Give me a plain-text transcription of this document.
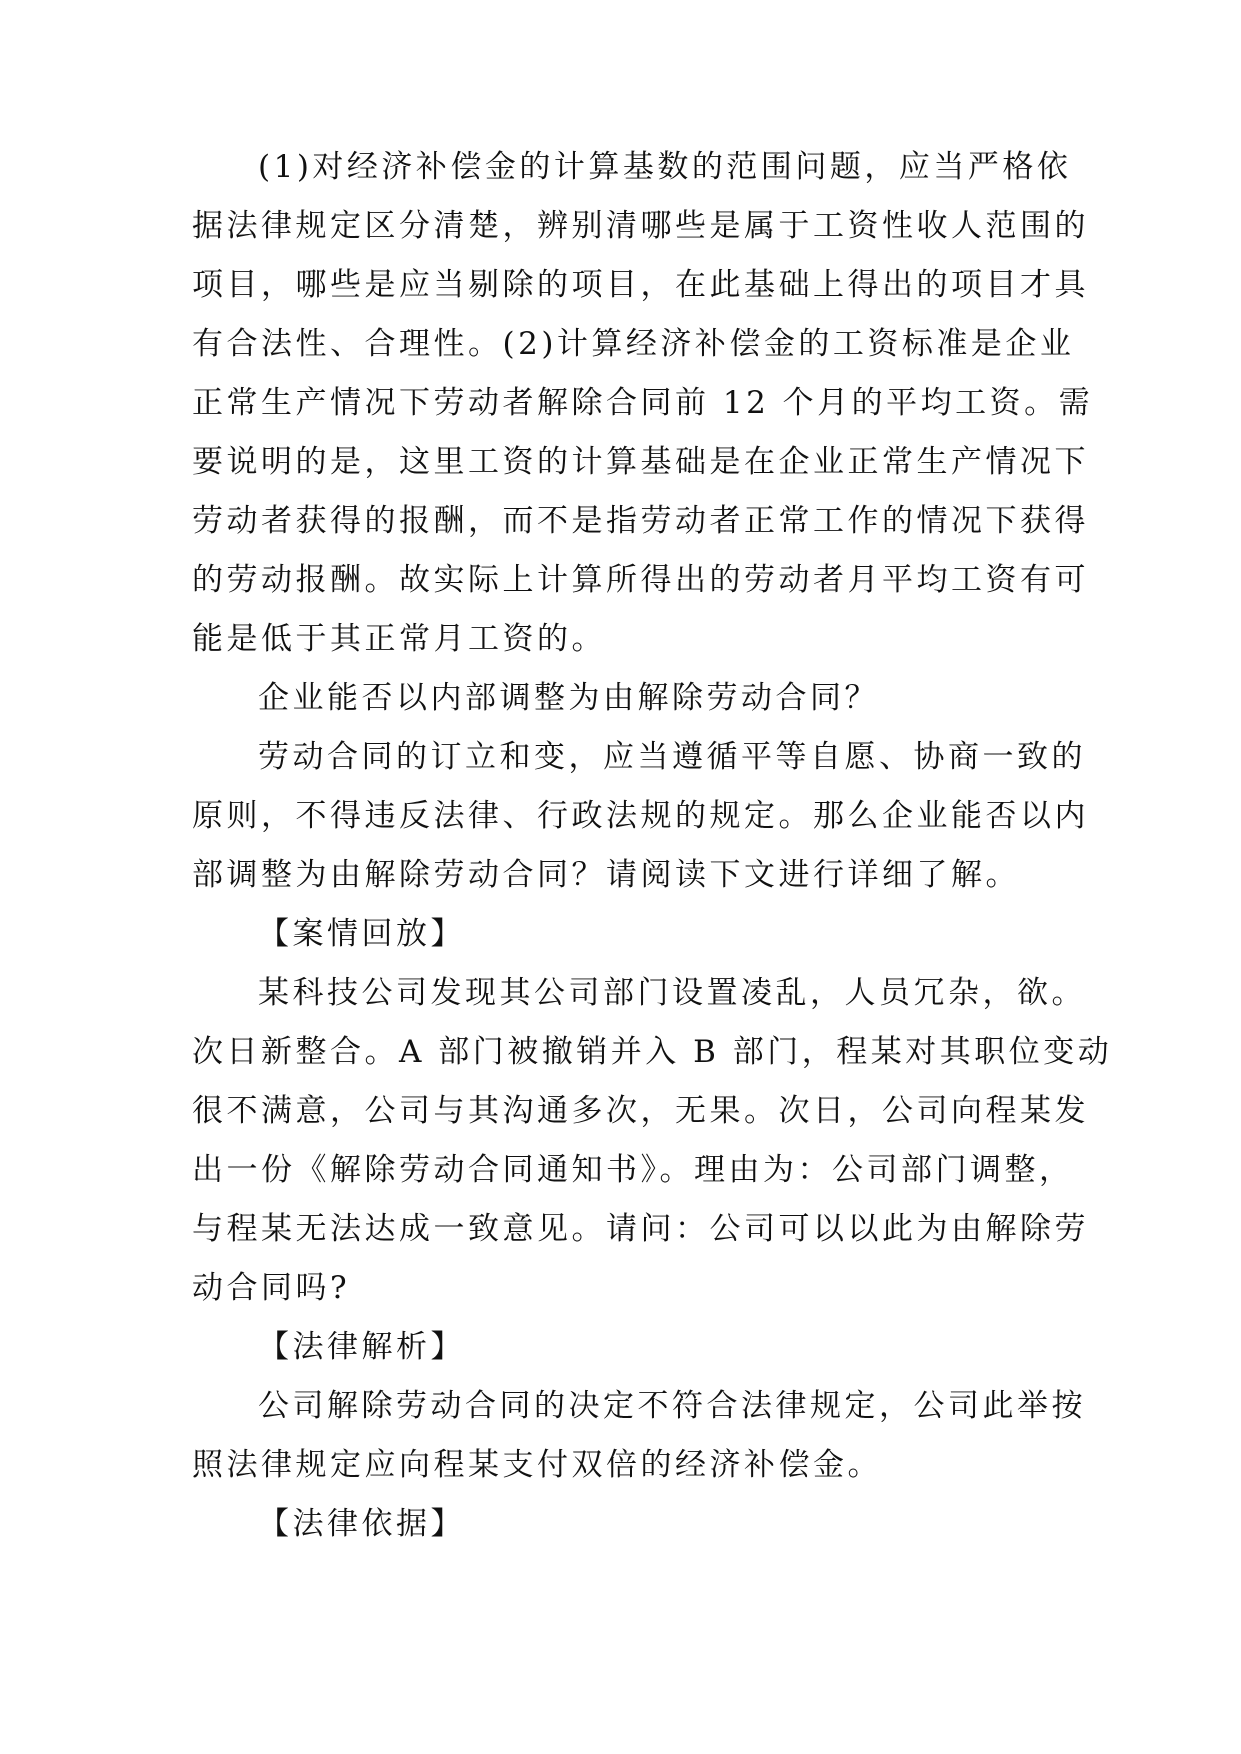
(1)对经济补偿金的计算基数的范围问题，应当严格依
据法律规定区分清楚，辨别清哪些是属于工资性收人范围的
项目，哪些是应当剔除的项目，在此基础上得出的项目才具
有合法性、合理性。(2)计算经济补偿金的工资标准是企业
正常生产情况下劳动者解除合同前 12 个月的平均工资。需
要说明的是，这里工资的计算基础是在企业正常生产情况下
劳动者获得的报酬，而不是指劳动者正常工作的情况下获得
的劳动报酬。故实际上计算所得出的劳动者月平均工资有可
能是低于其正常月工资的。
企业能否以内部调整为由解除劳动合同？
劳动合同的订立和变，应当遵循平等自愿、协商一致的
原则，不得违反法律、行政法规的规定。那么企业能否以内
部调整为由解除劳动合同？请阅读下文进行详细了解。
【案情回放】
某科技公司发现其公司部门设置凌乱，人员冗杂，欲。
次日新整合。A 部门被撤销并入 B 部门，程某对其职位变动
很不满意，公司与其沟通多次，无果。次日，公司向程某发
出一份《解除劳动合同通知书》。理由为：公司部门调整，
与程某无法达成一致意见。请问：公司可以以此为由解除劳
动合同吗?
【法律解析】
公司解除劳动合同的决定不符合法律规定，公司此举按
照法律规定应向程某支付双倍的经济补偿金。
【法律依据】
